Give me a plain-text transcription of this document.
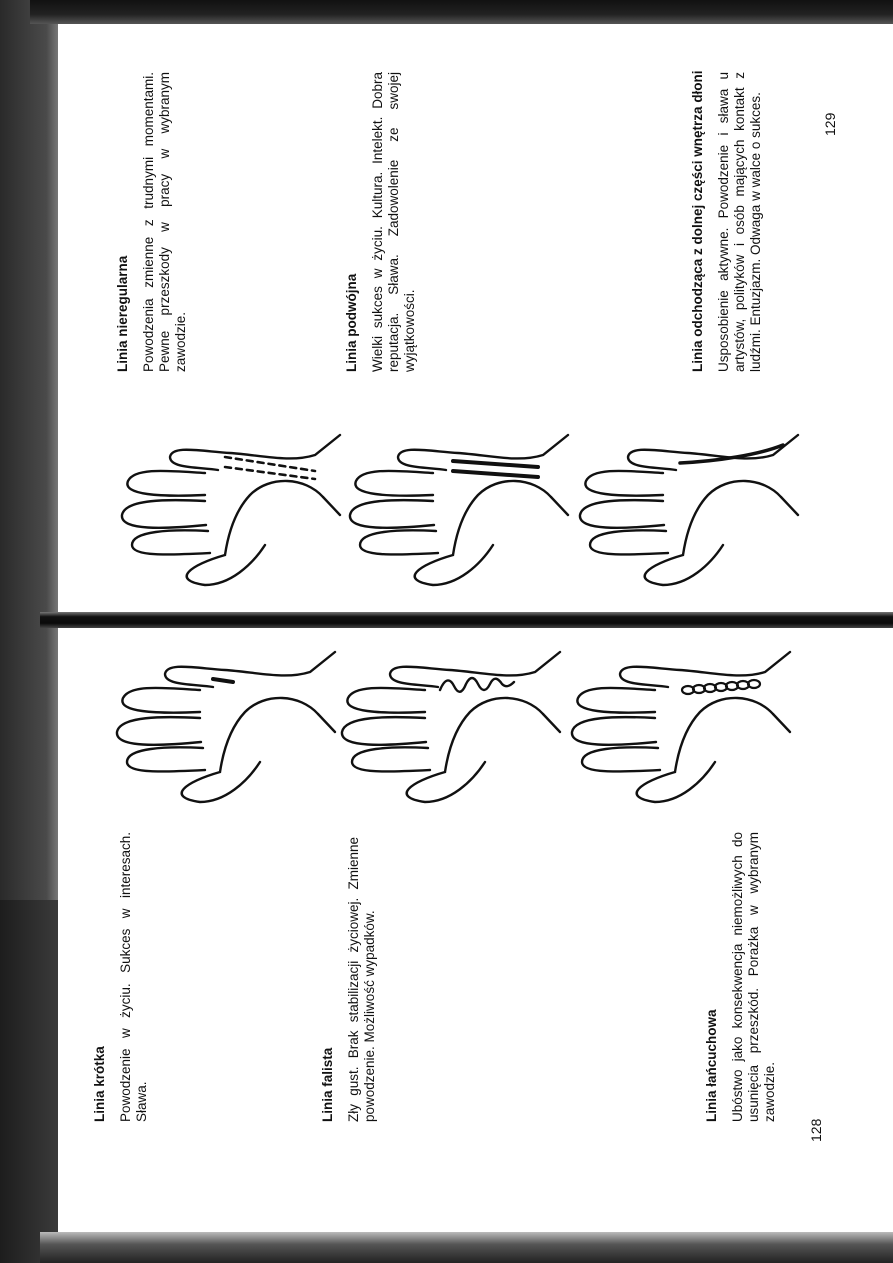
Linia nieregularna Powodzenia zmienne z trudnymi momentami. Pewne przeszkody w pracy w wybranym zawodzie.	Linia podwójna Wielki sukces w życiu. Kultura. Intelekt. Dobra reputacja. Sława. Zadowolenie ze swojej wyjątkowości.	Linia odchodząca z dolnej części wnętrza dłoni Usposobienie aktywne. Powodzenie i sława u artystów, polityków i osób mających kontakt z ludźmi. Entuzjazm. Odwaga w walce o sukces.	129
Linia krótka Powodzenie w życiu. Sukces w interesach. Sława.	Linia falista Zły gust. Brak stabilizacji życiowej. Zmienne powodzenie. Możliwość wypadków.	Linia łańcuchowa Ubóstwo jako konsekwencja niemożliwych do usunięcia przeszkód. Porażka w wybranym zawodzie.
128
